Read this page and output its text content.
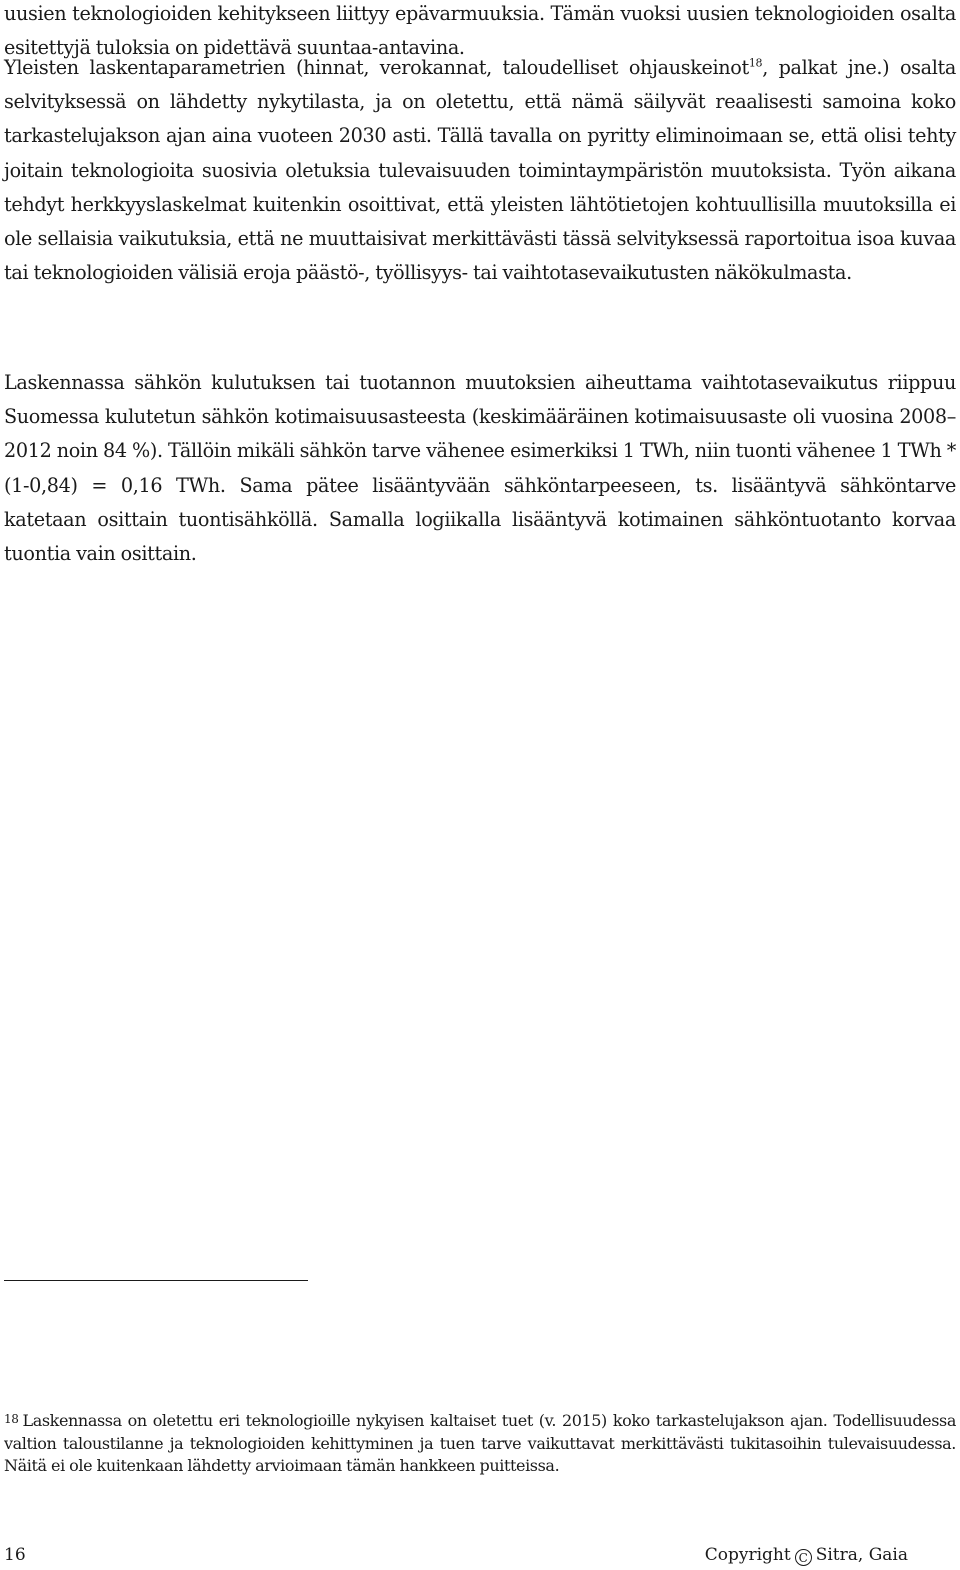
uusien teknologioiden kehitykseen liittyy epävarmuuksia. Tämän vuoksi uusien teknologioiden osalta esitettyjä tuloksia on pidettävä suuntaa-antavina.

Yleisten laskentaparametrien (hinnat, verokannat, taloudelliset ohjauskeinot$^{18}$, palkat jne.) osalta selvityksessä on lähdetty nykytilasta, ja on oletettu, että nämä säilyvät reaalisesti samoina koko tarkastelujakson ajan aina vuoteen 2030 asti. Tällä tavalla on pyritty eliminoimaan se, että olisi tehty joitain teknologioita suosivia oletuksia tulevaisuuden toimintaympäristön muutoksista. Työn aikana tehdyt herkkyyslaskelmat kuitenkin osoittivat, että yleisten lähtötietojen kohtuullisilla muutoksilla ei ole sellaisia vaikutuksia, että ne muuttaisivat merkittävästi tässä selvityksessä raportoitua isoa kuvaa tai teknologioiden välisiä eroja päästö-, työllisyys- tai vaihtotasevaikutusten näkökulmasta.

Laskennassa sähkön kulutuksen tai tuotannon muutoksien aiheuttama vaihtotasevaikutus riippuu Suomessa kulutetun sähkön kotimaisuusasteesta (keskimääräinen kotimaisuusaste oli vuosina 2008–2012 noin 84 %). Tällöin mikäli sähkön tarve vähenee esimerkiksi 1 TWh, niin tuonti vähenee 1 TWh * (1-0,84) = 0,16 TWh. Sama pätee lisääntyvään sähköntarpeeseen, ts. lisääntyvä sähköntarve katetaan osittain tuontisähköllä. Samalla logiikalla lisääntyvä kotimainen sähköntuotanto korvaa tuontia vain osittain.

18 Laskennassa on oletettu eri teknologioille nykyisen kaltaiset tuet (v. 2015) koko tarkastelujakson ajan. Todellisuudessa valtion taloustilanne ja teknologioiden kehittyminen ja tuen tarve vaikuttavat merkittävästi tukitasoihin tulevaisuudessa. Näitä ei ole kuitenkaan lähdetty arvioimaan tämän hankkeen puitteissa.

16	Copyright C Sitra, Gaia
